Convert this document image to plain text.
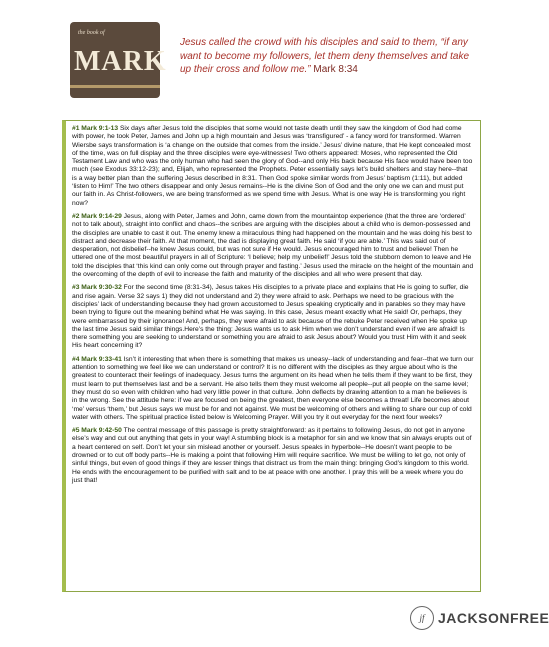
the book of
MARK
Jesus called the crowd with his disciples and said to them, “if any want to become my followers, let them deny themselves and take up their cross and follow me.” Mark 8:34

#1 Mark 9:1-13 Six days after Jesus told the disciples that some would not taste death until they saw the kingdom of God had come with power, he took Peter, James and John up a high mountain and Jesus was ‘transfigured’ - a fancy word for transformed. Warren Wiersbe says transformation is ‘a change on the outside that comes from the inside.’ Jesus’ divine nature, that He kept concealed most of the time, was on full display and the three disciples were eye-witnesses! Two others appeared: Moses, who represented the Old Testament Law and who was the only human who had seen the glory of God--and only His back because His face would have been too much (see Exodus 33:12-23); and, Elijah, who represented the Prophets. Peter essentially says let’s build shelters and stay here--that is a way better plan than the suffering Jesus described in 8:31. Then God spoke similar words from Jesus’ baptism (1:11), but added ‘listen to Him!’ The two others disappear and only Jesus remains--He is the divine Son of God and the only one we can and must put our faith in. As Christ-followers, we are being transformed as we spend time with Jesus. What is one way He is transforming you right now?

#2 Mark 9:14-29 Jesus, along with Peter, James and John, came down from the mountaintop experience (that the three are ‘ordered’ not to talk about), straight into conflict and chaos--the scribes are arguing with the disciples about a child who is demon-possessed and the disciples are unable to cast it out. The enemy knew a miraculous thing had happened on the mountain and he was doing his best to distract and decrease their faith. At that moment, the dad is displaying great faith. He said ‘if you are able.’ This was said out of desperation, not disbelief--he knew Jesus could, but was not sure if He would. Jesus encouraged him to trust and believe! Then he uttered one of the most beautiful prayers in all of Scripture: ‘I believe; help my unbelief!’ Jesus told the stubborn demon to leave and He told the disciples that ‘this kind can only come out through prayer and fasting.’ Jesus used the miracle on the height of the mountain and the overcoming of the depth of evil to increase the faith and maturity of the disciples and all who were present that day.

#3 Mark 9:30-32 For the second time (8:31-34), Jesus takes His disciples to a private place and explains that He is going to suffer, die and rise again. Verse 32 says 1) they did not understand and 2) they were afraid to ask. Perhaps we need to be gracious with the disciples’ lack of understanding because they had grown accustomed to Jesus speaking cryptically and in parables so they may have been trying to figure out the meaning behind what He was saying. In this case, Jesus meant exactly what He said! Or, perhaps, they were embarrassed by their ignorance! And, perhaps, they were afraid to ask because of the rebuke Peter received when He spoke up the last time Jesus said similar things.Here’s the thing: Jesus wants us to ask Him when we don’t understand even if we are afraid! Is there something you are seeking to understand or something you are afraid to ask Jesus about? Would you trust Him with it and seek His heart concerning it?

#4 Mark 9:33-41 Isn’t it interesting that when there is something that makes us uneasy--lack of understanding and fear--that we turn our attention to something we feel like we can understand or control? It is no different with the disciples as they argue about who is the greatest to counteract their feelings of inadequacy. Jesus turns the argument on its head when he tells them if they want to be first, they must learn to put themselves last and be a servant. He also tells them they must welcome all people--put all people on the same level; they must do so even with children who had very little power in that culture. John deflects by drawing attention to a man he believes is in the wrong. See the attitude here: if we are focused on being the greatest, then everyone else becomes a threat! Life becomes about ‘me’ versus ‘them,’ but Jesus says we must be for and not against. We must be welcoming of others and willing to share our cup of cold water with others. The spiritual practice listed below is Welcoming Prayer. Will you try it out everyday for the next four weeks?

#5 Mark 9:42-50 The central message of this passage is pretty straightforward: as it pertains to following Jesus, do not get in anyone else’s way and cut out anything that gets in your way! A stumbling block is a metaphor for sin and we know that sin always erupts out of a heart centered on self. Don’t let your sin mislead another or yourself. Jesus speaks in hyperbole--He doesn’t want people to be drowned or to cut off body parts--He is making a point that following Him will require sacrifice. We must be willing to let go, not only of sinful things, but even of good things if they are lesser things that distract us from the main thing: bringing God’s kingdom to this world. He ends with the encouragement to be purified with salt and to be at peace with one another. I pray this will be a week where you do just that!

jf JACKSONFREE
